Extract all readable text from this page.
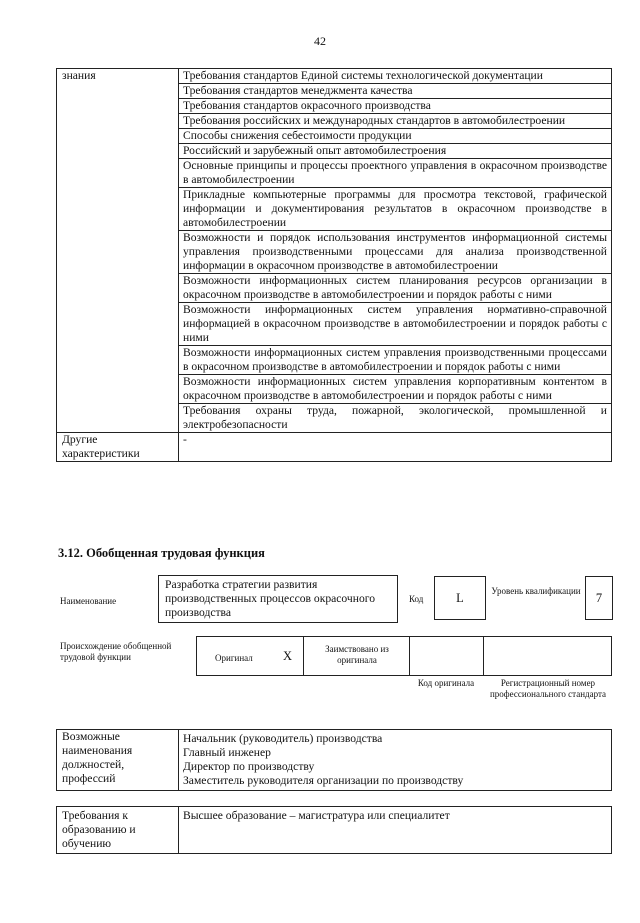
42
знания	Требования стандартов Единой системы технологической документации
	Требования стандартов менеджмента качества
	Требования стандартов окрасочного производства
	Требования российских и международных стандартов в автомобилестроении
	Способы снижения себестоимости продукции
	Российский и зарубежный опыт автомобилестроения
	Основные принципы и процессы проектного управления в окрасочном производстве в автомобилестроении
	Прикладные компьютерные программы для просмотра текстовой, графической информации и документирования результатов в окрасочном производстве в автомобилестроении
	Возможности и порядок использования инструментов информационной системы управления производственными процессами для анализа производственной информации в окрасочном производстве в автомобилестроении
	Возможности информационных систем планирования ресурсов организации в окрасочном производстве в автомобилестроении и порядок работы с ними
	Возможности информационных систем управления нормативно-справочной информацией в окрасочном производстве в автомобилестроении и порядок работы с ними
	Возможности информационных систем управления производственными процессами в окрасочном производстве в автомобилестроении и порядок работы с ними
	Возможности информационных систем управления корпоративным контентом в окрасочном производстве в автомобилестроении и порядок работы с ними
	Требования охраны труда, пожарной, экологической, промышленной и электробезопасности
Другие характеристики	-
3.12. Обобщенная трудовая функция
Наименование
Разработка стратегии развития производственных процессов окрасочного производства
Код	L	Уровень квалификации	7
Происхождение обобщенной трудовой функции	Оригинал X	Заимствовано из оригинала
Код оригинала	Регистрационный номер профессионального стандарта
Возможные наименования должностей, профессий	Начальник (руководитель) производства
Главный инженер
Директор по производству
Заместитель руководителя организации по производству
Требования к образованию и обучению	Высшее образование – магистратура или специалитет
